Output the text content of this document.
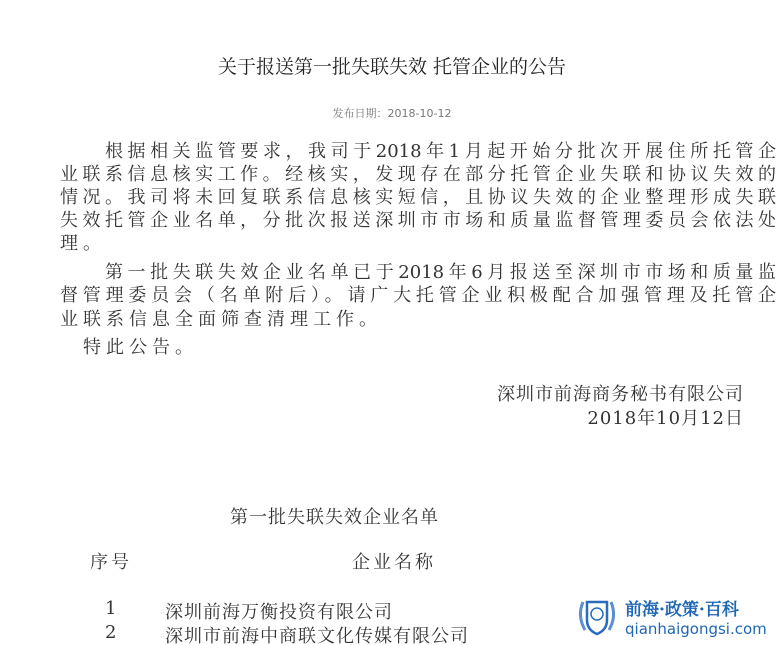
关于报送第一批失联失效 托管企业的公告
发布日期：2018-10-12
根据相关监管要求，我司于2018年1月起开始分批次开展住所托管企
业联系信息核实工作。经核实，发现存在部分托管企业失联和协议失效的
情况。我司将未回复联系信息核实短信，且协议失效的企业整理形成失联
失效托管企业名单，分批次报送深圳市市场和质量监督管理委员会依法处
理。
第一批失联失效企业名单已于2018年6月报送至深圳市市场和质量监
督管理委员会（名单附后）。请广大托管企业积极配合加强管理及托管企
业联系信息全面筛查清理工作。
特此公告。
深圳市前海商务秘书有限公司
2018年10月12日
第一批失联失效企业名单
序号	企业名称
1	深圳前海万衡投资有限公司
2	深圳市前海中商联文化传媒有限公司
前海·政策·百科
qianhaigongsi.com
